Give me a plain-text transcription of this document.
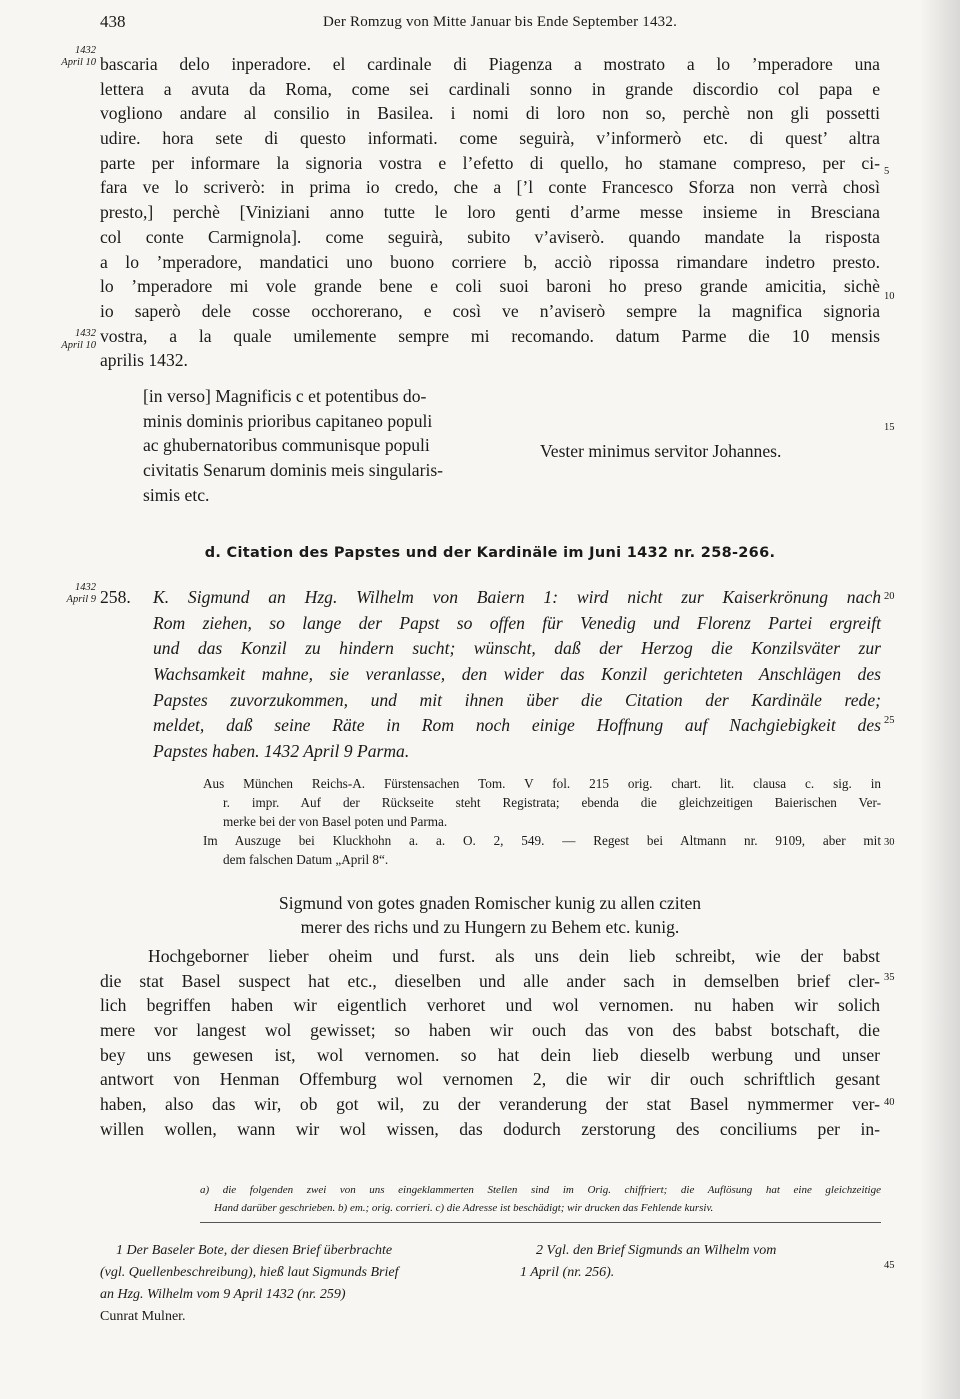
438	Der Romzug von Mitte Januar bis Ende September 1432.
1432
April 10
1432
April 10
1432
April 9
5
10
15
20
25
30
35
40
45
bascaria delo inperadore. el cardinale di Piagenza a mostrato a lo ’mperadore una
lettera a avuta da Roma, come sei cardinali sonno in grande discordio col papa e
vogliono andare al consilio in Basilea. i nomi di loro non so, perchè non gli possetti
udire. hora sete di questo informati. come seguirà, v’informerò etc. di quest’ altra
parte per informare la signoria vostra e l’efetto di quello, ho stamane compreso, per ci-
fara ve lo scriverò: in prima io credo, che a [’l conte Francesco Sforza non verrà chosì
presto,] perchè [Viniziani anno tutte le loro genti d’arme messe insieme in Bresciana
col conte Carmignola]. come seguirà, subito v’aviserò. quando mandate la risposta
a lo ’mperadore, mandatici uno buono corriere b, acciò ripossa rimandare indetro presto.
lo ’mperadore mi vole grande bene e coli suoi baroni ho preso grande amicitia, sichè
io saperò dele cosse occhorerano, e così ve n’aviserò sempre la magnifica signoria
vostra, a la quale umilemente sempre mi recomando. datum Parme die 10 mensis
aprilis 1432.
[in verso] Magnificis c et potentibus do-
minis dominis prioribus capitaneo populi
ac ghubernatoribus communisque populi
civitatis Senarum dominis meis singularis-
simis etc.
Vester minimus servitor Johannes.
d. Citation des Papstes und der Kardinäle im Juni 1432 nr. 258-266.
258. K. Sigmund an Hzg. Wilhelm von Baiern 1: wird nicht zur Kaiserkrönung nach
Rom ziehen, so lange der Papst so offen für Venedig und Florenz Partei ergreift
und das Konzil zu hindern sucht; wünscht, daß der Herzog die Konzilsväter zur
Wachsamkeit mahne, sie veranlasse, den wider das Konzil gerichteten Anschlägen des
Papstes zuvorzukommen, und mit ihnen über die Citation der Kardinäle rede;
meldet, daß seine Räte in Rom noch einige Hoffnung auf Nachgiebigkeit des
Papstes haben. 1432 April 9 Parma.
Aus München Reichs-A. Fürstensachen Tom. V fol. 215 orig. chart. lit. clausa c. sig. in
r. impr. Auf der Rückseite steht Registrata; ebenda die gleichzeitigen Baierischen Ver-
merke bei der von Basel poten und Parma.
Im Auszuge bei Kluckhohn a. a. O. 2, 549. — Regest bei Altmann nr. 9109, aber mit
dem falschen Datum „April 8“.
Sigmund von gotes gnaden Romischer kunig zu allen cziten
merer des richs und zu Hungern zu Behem etc. kunig.
Hochgeborner lieber oheim und furst. als uns dein lieb schreibt, wie der babst
die stat Basel suspect hat etc., dieselben und alle ander sach in demselben brief cler-
lich begriffen haben wir eigentlich verhoret und wol vernomen. nu haben wir solich
mere vor langest wol gewisset; so haben wir ouch das von des babst botschaft, die
bey uns gewesen ist, wol vernomen. so hat dein lieb dieselb werbung und unser
antwort von Henman Offemburg wol vernomen 2, die wir dir ouch schriftlich gesant
haben, also das wir, ob got wil, zu der veranderung der stat Basel nymmermer ver-
willen wollen, wann wir wol wissen, das dodurch zerstorung des conciliums per in-
a) die folgenden zwei von uns eingeklammerten Stellen sind im Orig. chiffriert; die Auflösung hat eine gleichzeitige
Hand darüber geschrieben. b) em.; orig. corrieri. c) die Adresse ist beschädigt; wir drucken das Fehlende kursiv.
1 Der Baseler Bote, der diesen Brief überbrachte
(vgl. Quellenbeschreibung), hieß laut Sigmunds Brief
an Hzg. Wilhelm vom 9 April 1432 (nr. 259)
Cunrat Mulner.
2 Vgl. den Brief Sigmunds an Wilhelm vom
1 April (nr. 256).
